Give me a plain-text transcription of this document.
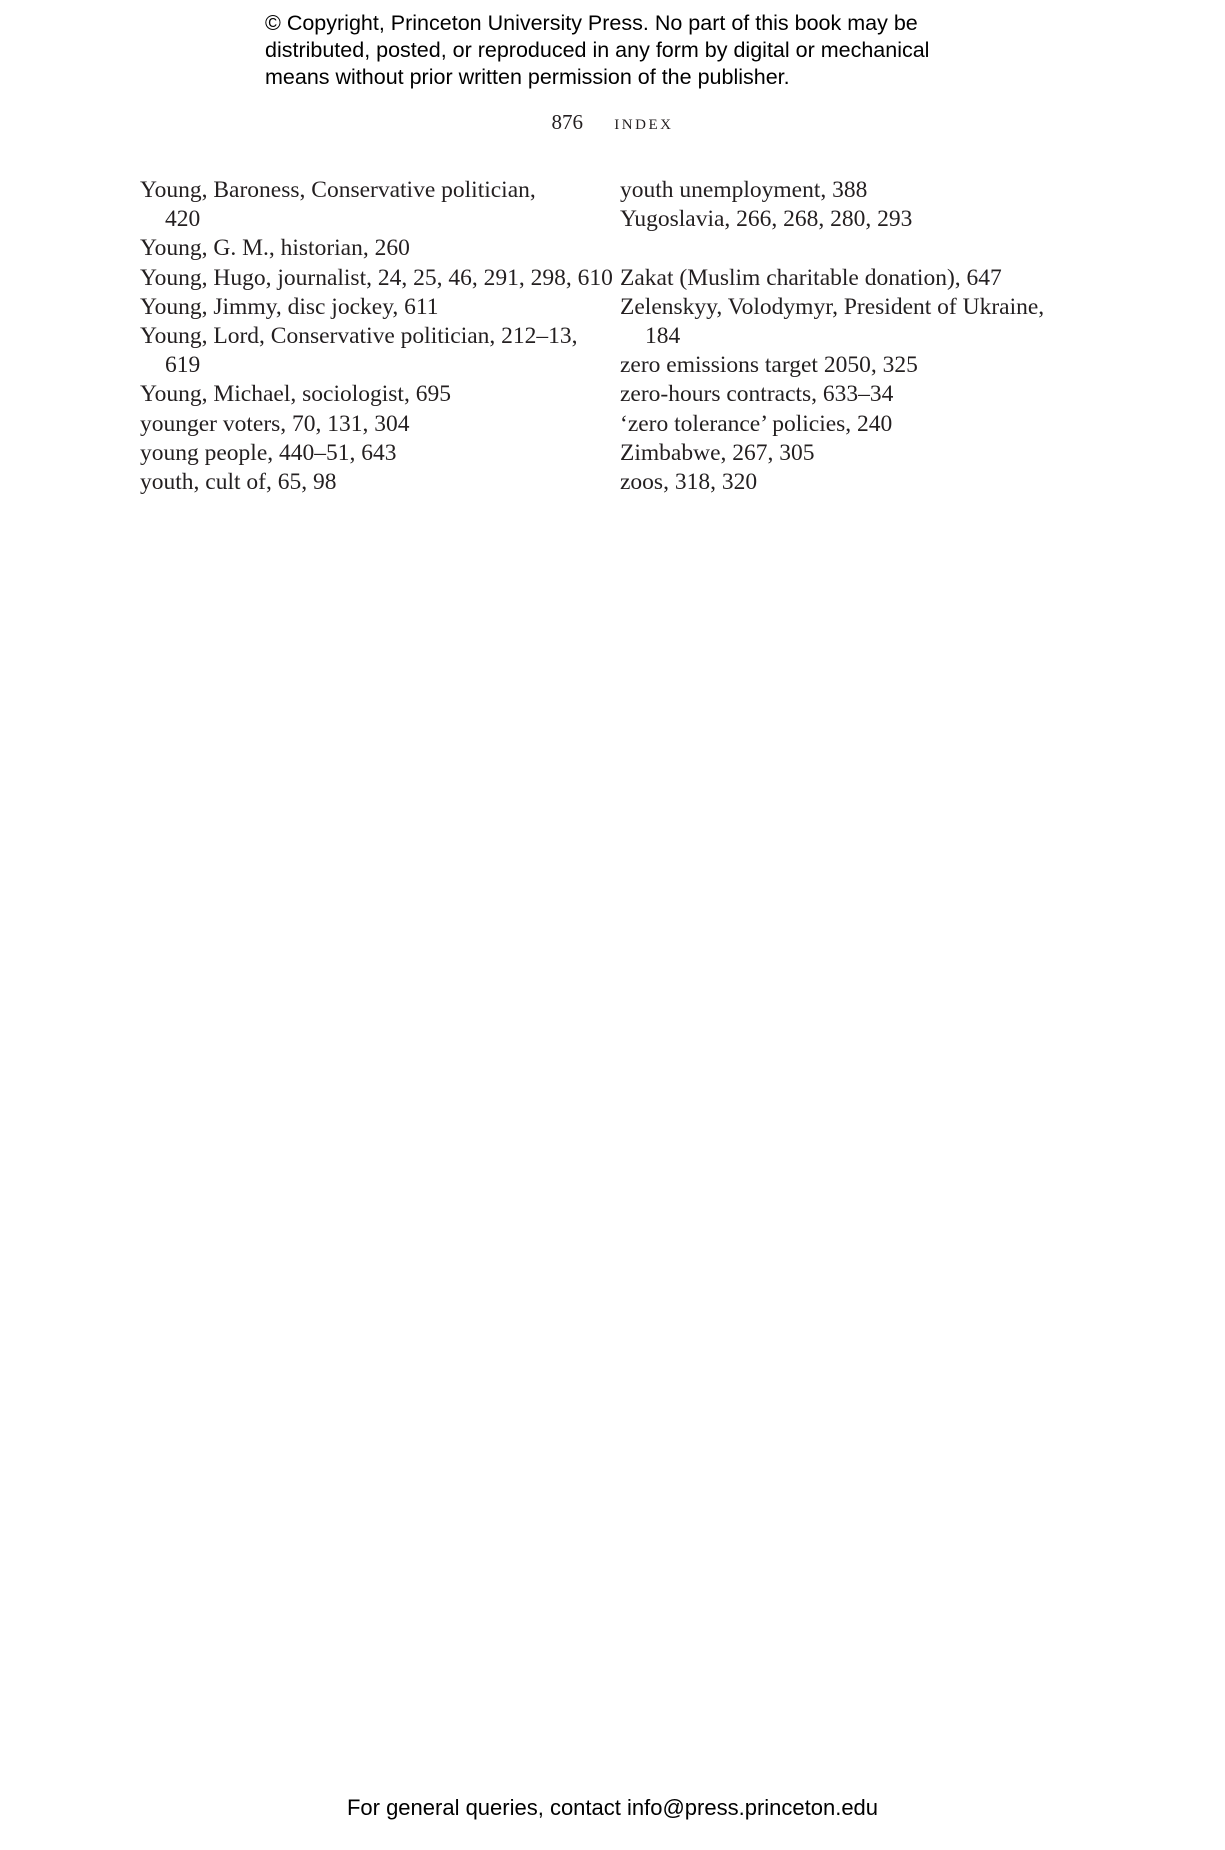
© Copyright, Princeton University Press. No part of this book may be
distributed, posted, or reproduced in any form by digital or mechanical
means without prior written permission of the publisher.
876 index
Young, Baroness, Conservative politician,
420
Young, G. M., historian, 260
Young, Hugo, journalist, 24, 25, 46, 291, 298, 610
Young, Jimmy, disc jockey, 611
Young, Lord, Conservative politician, 212–13,
619
Young, Michael, sociologist, 695
younger voters, 70, 131, 304
young people, 440–51, 643
youth, cult of, 65, 98
youth unemployment, 388
Yugoslavia, 266, 268, 280, 293
Zakat (Muslim charitable donation), 647
Zelenskyy, Volodymyr, President of Ukraine,
184
zero emissions target 2050, 325
zero-hours contracts, 633–34
‘zero tolerance’ policies, 240
Zimbabwe, 267, 305
zoos, 318, 320
For general queries, contact info@press.princeton.edu
